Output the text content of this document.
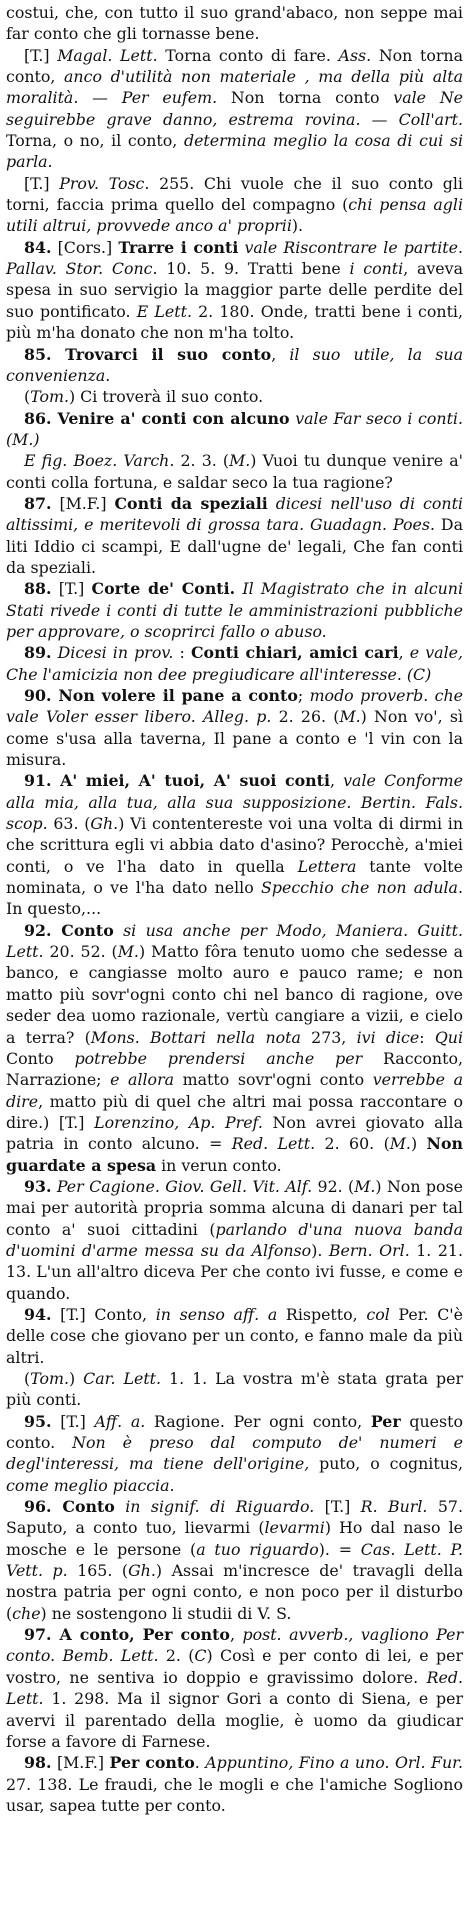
costui, che, con tutto il suo grand'abaco, non seppe mai far conto che gli tornasse bene.

[T.] Magal. Lett. Torna conto di fare. Ass. Non torna conto, anco d'utilità non materiale , ma della più alta moralità. — Per eufem. Non torna conto vale Ne seguirebbe grave danno, estrema rovina. — Coll'art. Torna, o no, il conto, determina meglio la cosa di cui si parla.

[T.] Prov. Tosc. 255. Chi vuole che il suo conto gli torni, faccia prima quello del compagno (chi pensa agli utili altrui, provvede anco a' proprii).

84. [Cors.] Trarre i conti vale Riscontrare le partite. Pallav. Stor. Conc. 10. 5. 9. Tratti bene i conti, aveva spesa in suo servigio la maggior parte delle perdite del suo pontificato. E Lett. 2. 180. Onde, tratti bene i conti, più m'ha donato che non m'ha tolto.

85. Trovarci il suo conto, il suo utile, la sua convenienza.

(Tom.) Ci troverà il suo conto.

86. Venire a' conti con alcuno vale Far seco i conti. (M.)

E fig. Boez. Varch. 2. 3. (M.) Vuoi tu dunque venire a' conti colla fortuna, e saldar seco la tua ragione?

87. [M.F.] Conti da speziali dicesi nell'uso di conti altissimi, e meritevoli di grossa tara. Guadagn. Poes. Da liti Iddio ci scampi, E dall'ugne de' legali, Che fan conti da speziali.

88. [T.] Corte de' Conti. Il Magistrato che in alcuni Stati rivede i conti di tutte le amministrazioni pubbliche per approvare, o scoprirci fallo o abuso.

89. Dicesi in prov. : Conti chiari, amici cari, e vale, Che l'amicizia non dee pregiudicare all'interesse. (C)

90. Non volere il pane a conto; modo proverb. che vale Voler esser libero. Alleg. p. 2. 26. (M.) Non vo', sì come s'usa alla taverna, Il pane a conto e 'l vin con la misura.

91. A' miei, A' tuoi, A' suoi conti, vale Conforme alla mia, alla tua, alla sua supposizione. Bertin. Fals. scop. 63. (Gh.) Vi contentereste voi una volta di dirmi in che scrittura egli vi abbia dato d'asino? Perocchè, a'miei conti, o ve l'ha dato in quella Lettera tante volte nominata, o ve l'ha dato nello Specchio che non adula. In questo,...

92. Conto si usa anche per Modo, Maniera. Guitt. Lett. 20. 52. (M.) Matto fôra tenuto uomo che sedesse a banco, e cangiasse molto auro e pauco rame; e non matto più sovr'ogni conto chi nel banco di ragione, ove seder dea uomo razionale, vertù cangiare a vizii, e cielo a terra? (Mons. Bottari nella nota 273, ivi dice: Qui Conto potrebbe prendersi anche per Racconto, Narrazione; e allora matto sovr'ogni conto verrebbe a dire, matto più di quel che altri mai possa raccontare o dire.) [T.] Lorenzino, Ap. Pref. Non avrei giovato alla patria in conto alcuno. = Red. Lett. 2. 60. (M.) Non guardate a spesa in verun conto.

93. Per Cagione. Giov. Gell. Vit. Alf. 92. (M.) Non pose mai per autorità propria somma alcuna di danari per tal conto a' suoi cittadini (parlando d'una nuova banda d'uomini d'arme messa su da Alfonso). Bern. Orl. 1. 21. 13. L'un all'altro diceva Per che conto ivi fusse, e come e quando.

94. [T.] Conto, in senso aff. a Rispetto, col Per. C'è delle cose che giovano per un conto, e fanno male da più altri.

(Tom.) Car. Lett. 1. 1. La vostra m'è stata grata per più conti.

95. [T.] Aff. a. Ragione. Per ogni conto, Per questo conto. Non è preso dal computo de' numeri e degl'interessi, ma tiene dell'origine, puto, o cognitus, come meglio piaccia.

96. Conto in signif. di Riguardo. [T.] R. Burl. 57. Saputo, a conto tuo, lievarmi (levarmi) Ho dal naso le mosche e le persone (a tuo riguardo). = Cas. Lett. P. Vett. p. 165. (Gh.) Assai m'incresce de' travagli della nostra patria per ogni conto, e non poco per il disturbo (che) ne sostengono li studii di V. S.

97. A conto, Per conto, post. avverb., vagliono Per conto. Bemb. Lett. 2. (C) Così e per conto di lei, e per vostro, ne sentiva io doppio e gravissimo dolore. Red. Lett. 1. 298. Ma il signor Gori a conto di Siena, e per avervi il parentado della moglie, è uomo da giudicar forse a favore di Farnese.

98. [M.F.] Per conto. Appuntino, Fino a uno. Orl. Fur. 27. 138. Le fraudi, che le mogli e che l'amiche Sogliono usar, sapea tutte per conto.
